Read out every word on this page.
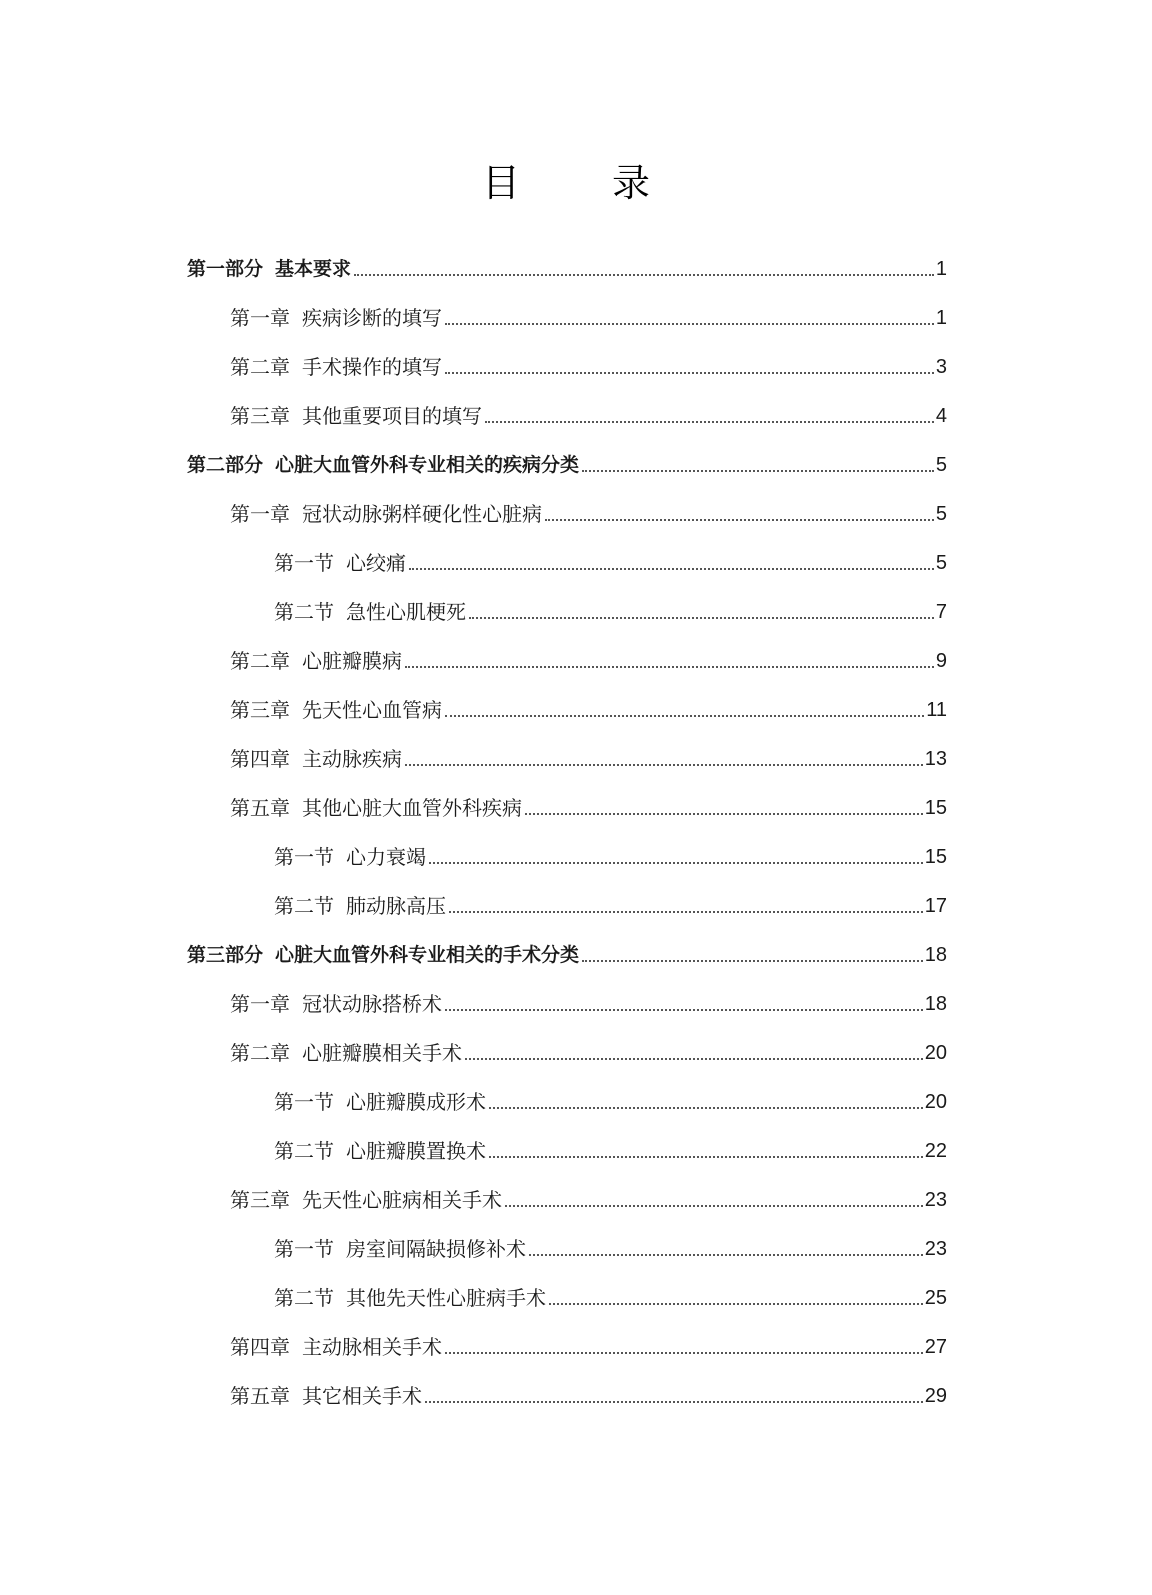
目 录
第一部分 基本要求	1
第一章 疾病诊断的填写	1
第二章 手术操作的填写	3
第三章 其他重要项目的填写	4
第二部分 心脏大血管外科专业相关的疾病分类	5
第一章 冠状动脉粥样硬化性心脏病	5
第一节 心绞痛	5
第二节 急性心肌梗死	7
第二章 心脏瓣膜病	9
第三章 先天性心血管病	11
第四章 主动脉疾病	13
第五章 其他心脏大血管外科疾病	15
第一节 心力衰竭	15
第二节 肺动脉高压	17
第三部分 心脏大血管外科专业相关的手术分类	18
第一章 冠状动脉搭桥术	18
第二章 心脏瓣膜相关手术	20
第一节 心脏瓣膜成形术	20
第二节 心脏瓣膜置换术	22
第三章 先天性心脏病相关手术	23
第一节 房室间隔缺损修补术	23
第二节 其他先天性心脏病手术	25
第四章 主动脉相关手术	27
第五章 其它相关手术	29
